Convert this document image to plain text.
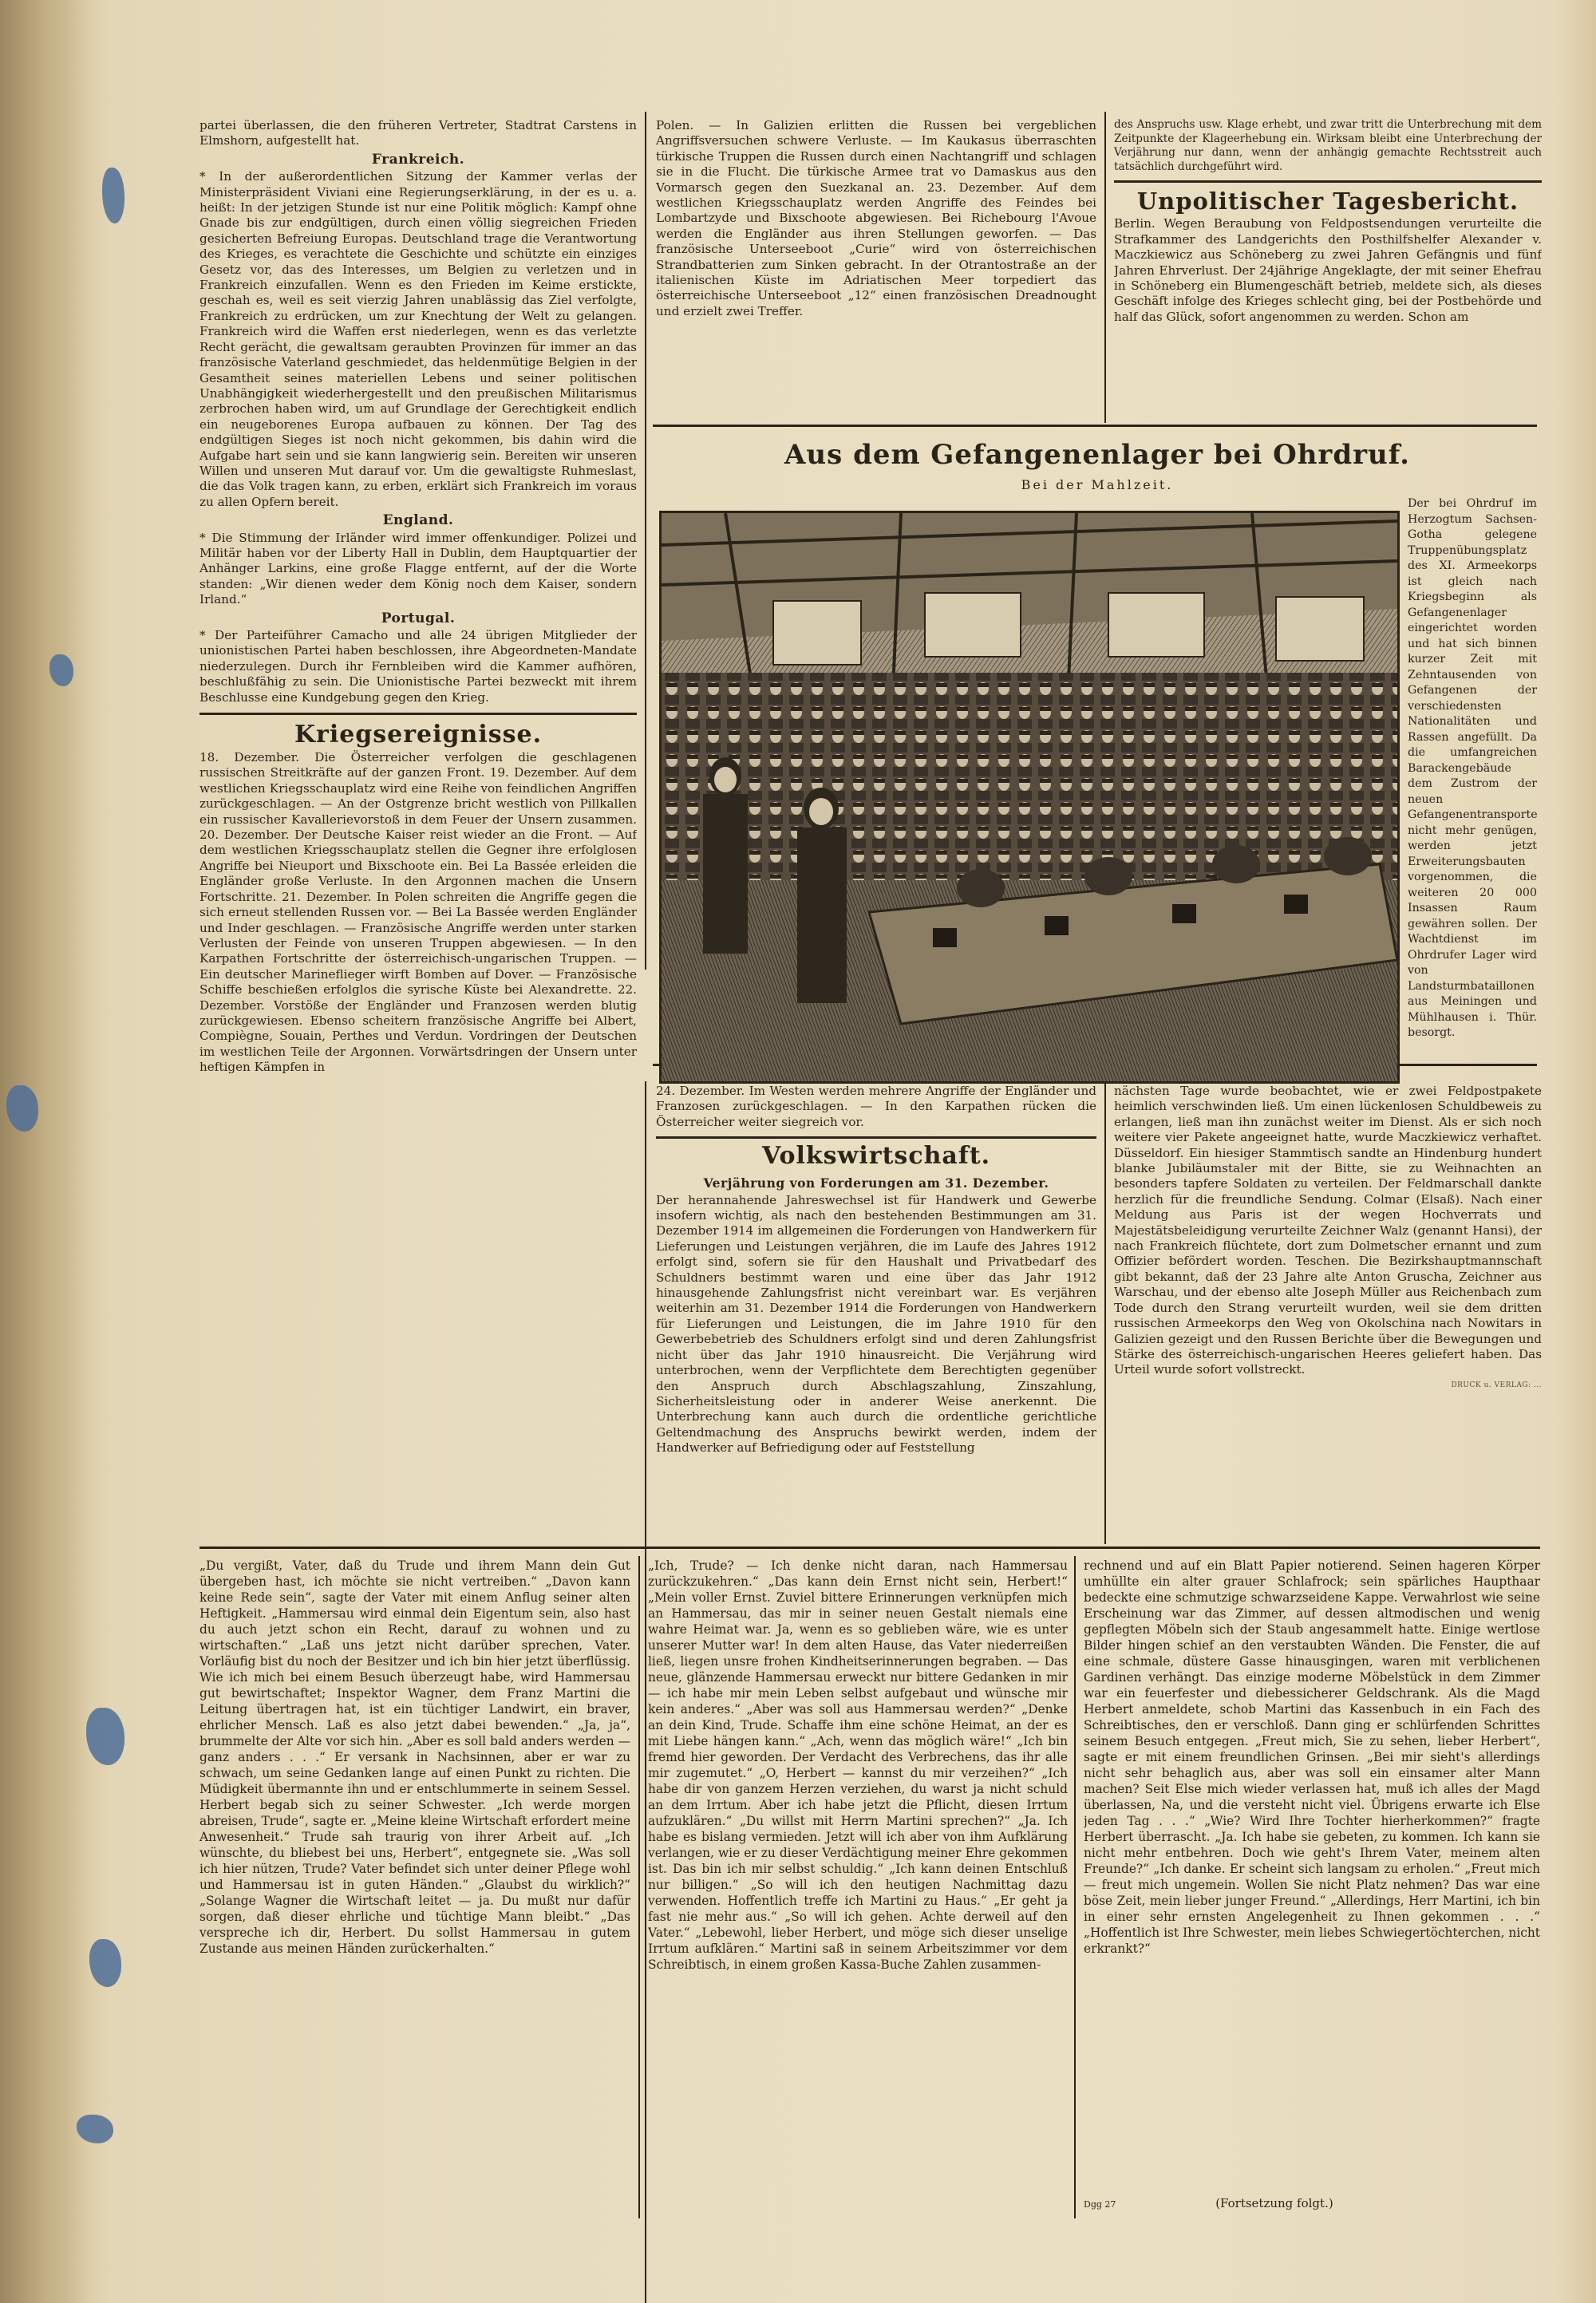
partei überlassen, die den früheren Vertreter, Stadtrat Carstens in Elmshorn, aufgestellt hat.

Frankreich.

* In der außerordentlichen Sitzung der Kammer verlas der Ministerpräsident Viviani eine Regierungserklärung, in der es u. a. heißt: In der jetzigen Stunde ist nur eine Politik möglich: Kampf ohne Gnade bis zur endgültigen, durch einen völlig siegreichen Frieden gesicherten Befreiung Europas. Deutschland trage die Verantwortung des Krieges, es verachtete die Geschichte und schützte ein einziges Gesetz vor, das des Interesses, um Belgien zu verletzen und in Frankreich einzufallen. Wenn es den Frieden im Keime erstickte, geschah es, weil es seit vierzig Jahren unablässig das Ziel verfolgte, Frankreich zu erdrücken, um zur Knechtung der Welt zu gelangen. Frankreich wird die Waffen erst niederlegen, wenn es das verletzte Recht gerächt, die gewaltsam geraubten Provinzen für immer an das französische Vaterland geschmiedet, das heldenmütige Belgien in der Gesamtheit seines materiellen Lebens und seiner politischen Unabhängigkeit wiederhergestellt und den preußischen Militarismus zerbrochen haben wird, um auf Grundlage der Gerechtigkeit endlich ein neugeborenes Europa aufbauen zu können. Der Tag des endgültigen Sieges ist noch nicht gekommen, bis dahin wird die Aufgabe hart sein und sie kann langwierig sein. Bereiten wir unseren Willen und unseren Mut darauf vor. Um die gewaltigste Ruhmeslast, die das Volk tragen kann, zu erben, erklärt sich Frankreich im voraus zu allen Opfern bereit.

England.

* Die Stimmung der Irländer wird immer offenkundiger. Polizei und Militär haben vor der Liberty Hall in Dublin, dem Hauptquartier der Anhänger Larkins, eine große Flagge entfernt, auf der die Worte standen: „Wir dienen weder dem König noch dem Kaiser, sondern Irland.“

Portugal.

* Der Parteiführer Camacho und alle 24 übrigen Mitglieder der unionistischen Partei haben beschlossen, ihre Abgeordneten-Mandate niederzulegen. Durch ihr Fernbleiben wird die Kammer aufhören, beschlußfähig zu sein. Die Unionistische Partei bezweckt mit ihrem Beschlusse eine Kundgebung gegen den Krieg.

Kriegsereignisse.

18. Dezember. Die Österreicher verfolgen die geschlagenen russischen Streitkräfte auf der ganzen Front. 19. Dezember. Auf dem westlichen Kriegsschauplatz wird eine Reihe von feindlichen Angriffen zurückgeschlagen. — An der Ostgrenze bricht westlich von Pillkallen ein russischer Kavallerievorstoß in dem Feuer der Unsern zusammen. 20. Dezember. Der Deutsche Kaiser reist wieder an die Front. — Auf dem westlichen Kriegsschauplatz stellen die Gegner ihre erfolglosen Angriffe bei Nieuport und Bixschoote ein. Bei La Bassée erleiden die Engländer große Verluste. In den Argonnen machen die Unsern Fortschritte. 21. Dezember. In Polen schreiten die Angriffe gegen die sich erneut stellenden Russen vor. — Bei La Bassée werden Engländer und Inder geschlagen. — Französische Angriffe werden unter starken Verlusten der Feinde von unseren Truppen abgewiesen. — In den Karpathen Fortschritte der österreichisch-ungarischen Truppen. — Ein deutscher Marineflieger wirft Bomben auf Dover. — Französische Schiffe beschießen erfolglos die syrische Küste bei Alexandrette. 22. Dezember. Vorstöße der Engländer und Franzosen werden blutig zurückgewiesen. Ebenso scheitern französische Angriffe bei Albert, Compiègne, Souain, Perthes und Verdun. Vordringen der Deutschen im westlichen Teile der Argonnen. Vorwärtsdringen der Unsern unter heftigen Kämpfen in

Polen. — In Galizien erlitten die Russen bei vergeblichen Angriffsversuchen schwere Verluste. — Im Kaukasus überraschten türkische Truppen die Russen durch einen Nachtangriff und schlagen sie in die Flucht. Die türkische Armee trat vo Damaskus aus den Vormarsch gegen den Suezkanal an. 23. Dezember. Auf dem westlichen Kriegsschauplatz werden Angriffe des Feindes bei Lombartzyde und Bixschoote abgewiesen. Bei Richebourg l'Avoue werden die Engländer aus ihren Stellungen geworfen. — Das französische Unterseeboot „Curie“ wird von österreichischen Strandbatterien zum Sinken gebracht. In der Otrantostraße an der italienischen Küste im Adriatischen Meer torpediert das österreichische Unterseeboot „12“ einen französischen Dreadnought und erzielt zwei Treffer.

des Anspruchs usw. Klage erhebt, und zwar tritt die Unterbrechung mit dem Zeitpunkte der Klageerhebung ein. Wirksam bleibt eine Unterbrechung der Verjährung nur dann, wenn der anhängig gemachte Rechtsstreit auch tatsächlich durchgeführt wird.

Unpolitischer Tagesbericht.

Berlin. Wegen Beraubung von Feldpostsendungen verurteilte die Strafkammer des Landgerichts den Posthilfshelfer Alexander v. Maczkiewicz aus Schöneberg zu zwei Jahren Gefängnis und fünf Jahren Ehrverlust. Der 24jährige Angeklagte, der mit seiner Ehefrau in Schöneberg ein Blumengeschäft betrieb, meldete sich, als dieses Geschäft infolge des Krieges schlecht ging, bei der Postbehörde und half das Glück, sofort angenommen zu werden. Schon am

Aus dem Gefangenenlager bei Ohrdruf.
Bei der Mahlzeit.
Der bei Ohrdruf im Herzogtum Sachsen-Gotha gelegene Truppenübungsplatz des XI. Armeekorps ist gleich nach Kriegsbeginn als Gefangenenlager eingerichtet worden und hat sich binnen kurzer Zeit mit Zehntausenden von Gefangenen der verschiedensten Nationalitäten und Rassen angefüllt. Da die umfangreichen Barackengebäude dem Zustrom der neuen Gefangenentransporte nicht mehr genügen, werden jetzt Erweiterungsbauten vorgenommen, die weiteren 20 000 Insassen Raum gewähren sollen. Der Wachtdienst im Ohrdrufer Lager wird von Landsturmbataillonen aus Meiningen und Mühlhausen i. Thür. besorgt.

24. Dezember. Im Westen werden mehrere Angriffe der Engländer und Franzosen zurückgeschlagen. — In den Karpathen rücken die Österreicher weiter siegreich vor.

Volkswirtschaft.
Verjährung von Forderungen am 31. Dezember.

Der herannahende Jahreswechsel ist für Handwerk und Gewerbe insofern wichtig, als nach den bestehenden Bestimmungen am 31. Dezember 1914 im allgemeinen die Forderungen von Handwerkern für Lieferungen und Leistungen verjähren, die im Laufe des Jahres 1912 erfolgt sind, sofern sie für den Haushalt und Privatbedarf des Schuldners bestimmt waren und eine über das Jahr 1912 hinausgehende Zahlungsfrist nicht vereinbart war. Es verjähren weiterhin am 31. Dezember 1914 die Forderungen von Handwerkern für Lieferungen und Leistungen, die im Jahre 1910 für den Gewerbebetrieb des Schuldners erfolgt sind und deren Zahlungsfrist nicht über das Jahr 1910 hinausreicht. Die Verjährung wird unterbrochen, wenn der Verpflichtete dem Berechtigten gegenüber den Anspruch durch Abschlagszahlung, Zinszahlung, Sicherheitsleistung oder in anderer Weise anerkennt. Die Unterbrechung kann auch durch die ordentliche gerichtliche Geltendmachung des Anspruchs bewirkt werden, indem der Handwerker auf Befriedigung oder auf Feststellung

nächsten Tage wurde beobachtet, wie er zwei Feldpostpakete heimlich verschwinden ließ. Um einen lückenlosen Schuldbeweis zu erlangen, ließ man ihn zunächst weiter im Dienst. Als er sich noch weitere vier Pakete angeeignet hatte, wurde Maczkiewicz verhaftet. Düsseldorf. Ein hiesiger Stammtisch sandte an Hindenburg hundert blanke Jubiläumstaler mit der Bitte, sie zu Weihnachten an besonders tapfere Soldaten zu verteilen. Der Feldmarschall dankte herzlich für die freundliche Sendung. Colmar (Elsaß). Nach einer Meldung aus Paris ist der wegen Hochverrats und Majestätsbeleidigung verurteilte Zeichner Walz (genannt Hansi), der nach Frankreich flüchtete, dort zum Dolmetscher ernannt und zum Offizier befördert worden. Teschen. Die Bezirkshauptmannschaft gibt bekannt, daß der 23 Jahre alte Anton Gruscha, Zeichner aus Warschau, und der ebenso alte Joseph Müller aus Reichenbach zum Tode durch den Strang verurteilt wurden, weil sie dem dritten russischen Armeekorps den Weg von Okolschina nach Nowitars in Galizien gezeigt und den Russen Berichte über die Bewegungen und Stärke des österreichisch-ungarischen Heeres geliefert haben. Das Urteil wurde sofort vollstreckt.

DRUCK u. VERLAG: ...

„Du vergißt, Vater, daß du Trude und ihrem Mann dein Gut übergeben hast, ich möchte sie nicht vertreiben.“ „Davon kann keine Rede sein“, sagte der Vater mit einem Anflug seiner alten Heftigkeit. „Hammersau wird einmal dein Eigentum sein, also hast du auch jetzt schon ein Recht, darauf zu wohnen und zu wirtschaften.“ „Laß uns jetzt nicht darüber sprechen, Vater. Vorläufig bist du noch der Besitzer und ich bin hier jetzt überflüssig. Wie ich mich bei einem Besuch überzeugt habe, wird Hammersau gut bewirtschaftet; Inspektor Wagner, dem Franz Martini die Leitung übertragen hat, ist ein tüchtiger Landwirt, ein braver, ehrlicher Mensch. Laß es also jetzt dabei bewenden.“ „Ja, ja“, brummelte der Alte vor sich hin. „Aber es soll bald anders werden — ganz anders . . .“ Er versank in Nachsinnen, aber er war zu schwach, um seine Gedanken lange auf einen Punkt zu richten. Die Müdigkeit übermannte ihn und er entschlummerte in seinem Sessel. Herbert begab sich zu seiner Schwester. „Ich werde morgen abreisen, Trude“, sagte er. „Meine kleine Wirtschaft erfordert meine Anwesenheit.“ Trude sah traurig von ihrer Arbeit auf. „Ich wünschte, du bliebest bei uns, Herbert“, entgegnete sie. „Was soll ich hier nützen, Trude? Vater befindet sich unter deiner Pflege wohl und Hammersau ist in guten Händen.“ „Glaubst du wirklich?“ „Solange Wagner die Wirtschaft leitet — ja. Du mußt nur dafür sorgen, daß dieser ehrliche und tüchtige Mann bleibt.“ „Das verspreche ich dir, Herbert. Du sollst Hammersau in gutem Zustande aus meinen Händen zurückerhalten.“

„Ich, Trude? — Ich denke nicht daran, nach Hammersau zurückzukehren.“ „Das kann dein Ernst nicht sein, Herbert!“ „Mein voller Ernst. Zuviel bittere Erinnerungen verknüpfen mich an Hammersau, das mir in seiner neuen Gestalt niemals eine wahre Heimat war. Ja, wenn es so geblieben wäre, wie es unter unserer Mutter war! In dem alten Hause, das Vater niederreißen ließ, liegen unsre frohen Kindheitserinnerungen begraben. — Das neue, glänzende Hammersau erweckt nur bittere Gedanken in mir — ich habe mir mein Leben selbst aufgebaut und wünsche mir kein anderes.“ „Aber was soll aus Hammersau werden?“ „Denke an dein Kind, Trude. Schaffe ihm eine schöne Heimat, an der es mit Liebe hängen kann.“ „Ach, wenn das möglich wäre!“ „Ich bin fremd hier geworden. Der Verdacht des Verbrechens, das ihr alle mir zugemutet.“ „O, Herbert — kannst du mir verzeihen?“ „Ich habe dir von ganzem Herzen verziehen, du warst ja nicht schuld an dem Irrtum. Aber ich habe jetzt die Pflicht, diesen Irrtum aufzuklären.“ „Du willst mit Herrn Martini sprechen?“ „Ja. Ich habe es bislang vermieden. Jetzt will ich aber von ihm Aufklärung verlangen, wie er zu dieser Verdächtigung meiner Ehre gekommen ist. Das bin ich mir selbst schuldig.“ „Ich kann deinen Entschluß nur billigen.“ „So will ich den heutigen Nachmittag dazu verwenden. Hoffentlich treffe ich Martini zu Haus.“ „Er geht ja fast nie mehr aus.“ „So will ich gehen. Achte derweil auf den Vater.“ „Lebewohl, lieber Herbert, und möge sich dieser unselige Irrtum aufklären.“ Martini saß in seinem Arbeitszimmer vor dem Schreibtisch, in einem großen Kassa-Buche Zahlen zusammen-

rechnend und auf ein Blatt Papier notierend. Seinen hageren Körper umhüllte ein alter grauer Schlafrock; sein spärliches Haupthaar bedeckte eine schmutzige schwarzseidene Kappe. Verwahrlost wie seine Erscheinung war das Zimmer, auf dessen altmodischen und wenig gepflegten Möbeln sich der Staub angesammelt hatte. Einige wertlose Bilder hingen schief an den verstaubten Wänden. Die Fenster, die auf eine schmale, düstere Gasse hinausgingen, waren mit verblichenen Gardinen verhängt. Das einzige moderne Möbelstück in dem Zimmer war ein feuerfester und diebessicherer Geldschrank. Als die Magd Herbert anmeldete, schob Martini das Kassenbuch in ein Fach des Schreibtisches, den er verschloß. Dann ging er schlürfenden Schrittes seinem Besuch entgegen. „Freut mich, Sie zu sehen, lieber Herbert“, sagte er mit einem freundlichen Grinsen. „Bei mir sieht's allerdings nicht sehr behaglich aus, aber was soll ein einsamer alter Mann machen? Seit Else mich wieder verlassen hat, muß ich alles der Magd überlassen, Na, und die versteht nicht viel. Übrigens erwarte ich Else jeden Tag . . .“ „Wie? Wird Ihre Tochter hierherkommen?“ fragte Herbert überrascht. „Ja. Ich habe sie gebeten, zu kommen. Ich kann sie nicht mehr entbehren. Doch wie geht's Ihrem Vater, meinem alten Freunde?“ „Ich danke. Er scheint sich langsam zu erholen.“ „Freut mich — freut mich ungemein. Wollen Sie nicht Platz nehmen? Das war eine böse Zeit, mein lieber junger Freund.“ „Allerdings, Herr Martini, ich bin in einer sehr ernsten Angelegenheit zu Ihnen gekommen . . .“ „Hoffentlich ist Ihre Schwester, mein liebes Schwiegertöchterchen, nicht erkrankt?“

Dgg 27	(Fortsetzung folgt.)
